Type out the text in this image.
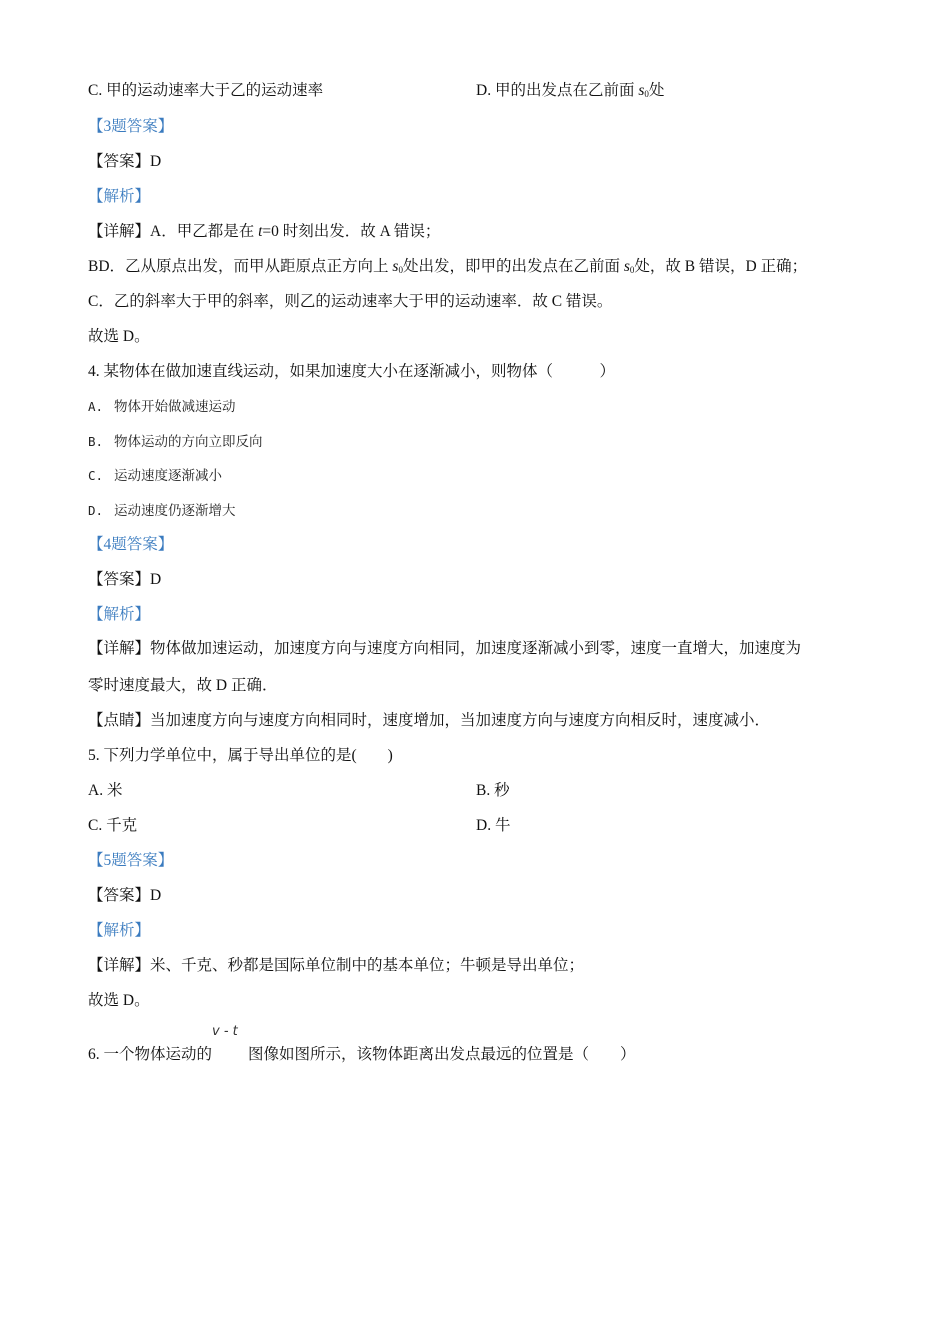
C. 甲的运动速率大于乙的运动速率	D. 甲的出发点在乙前面 $s_0$处
【3题答案】
【答案】D
【解析】
【详解】A．甲乙都是在 t=0 时刻出发．故 A 错误；
BD．乙从原点出发，而甲从距原点正方向上 $s_0$处出发，即甲的出发点在乙前面 $s_0$处，故 B 错误，D 正确；
C．乙的斜率大于甲的斜率，则乙的运动速率大于甲的运动速率．故 C 错误。
故选 D。
4. 某物体在做加速直线运动，如果加速度大小在逐渐减小，则物体（　　　）
A. 物体开始做减速运动
B. 物体运动的方向立即反向
C. 运动速度逐渐减小
D. 运动速度仍逐渐增大
【4题答案】
【答案】D
【解析】
【详解】物体做加速运动，加速度方向与速度方向相同，加速度逐渐减小到零，速度一直增大，加速度为
零时速度最大，故 D 正确．
【点睛】当加速度方向与速度方向相同时，速度增加，当加速度方向与速度方向相反时，速度减小．
5. 下列力学单位中，属于导出单位的是(　　)
A. 米	B. 秒
C. 千克	D. 牛
【5题答案】
【答案】D
【解析】
【详解】米、千克、秒都是国际单位制中的基本单位；牛顿是导出单位；
故选 D。
6. 一个物体运动的
v - t
图像如图所示，该物体距离出发点最远的位置是（　　）
